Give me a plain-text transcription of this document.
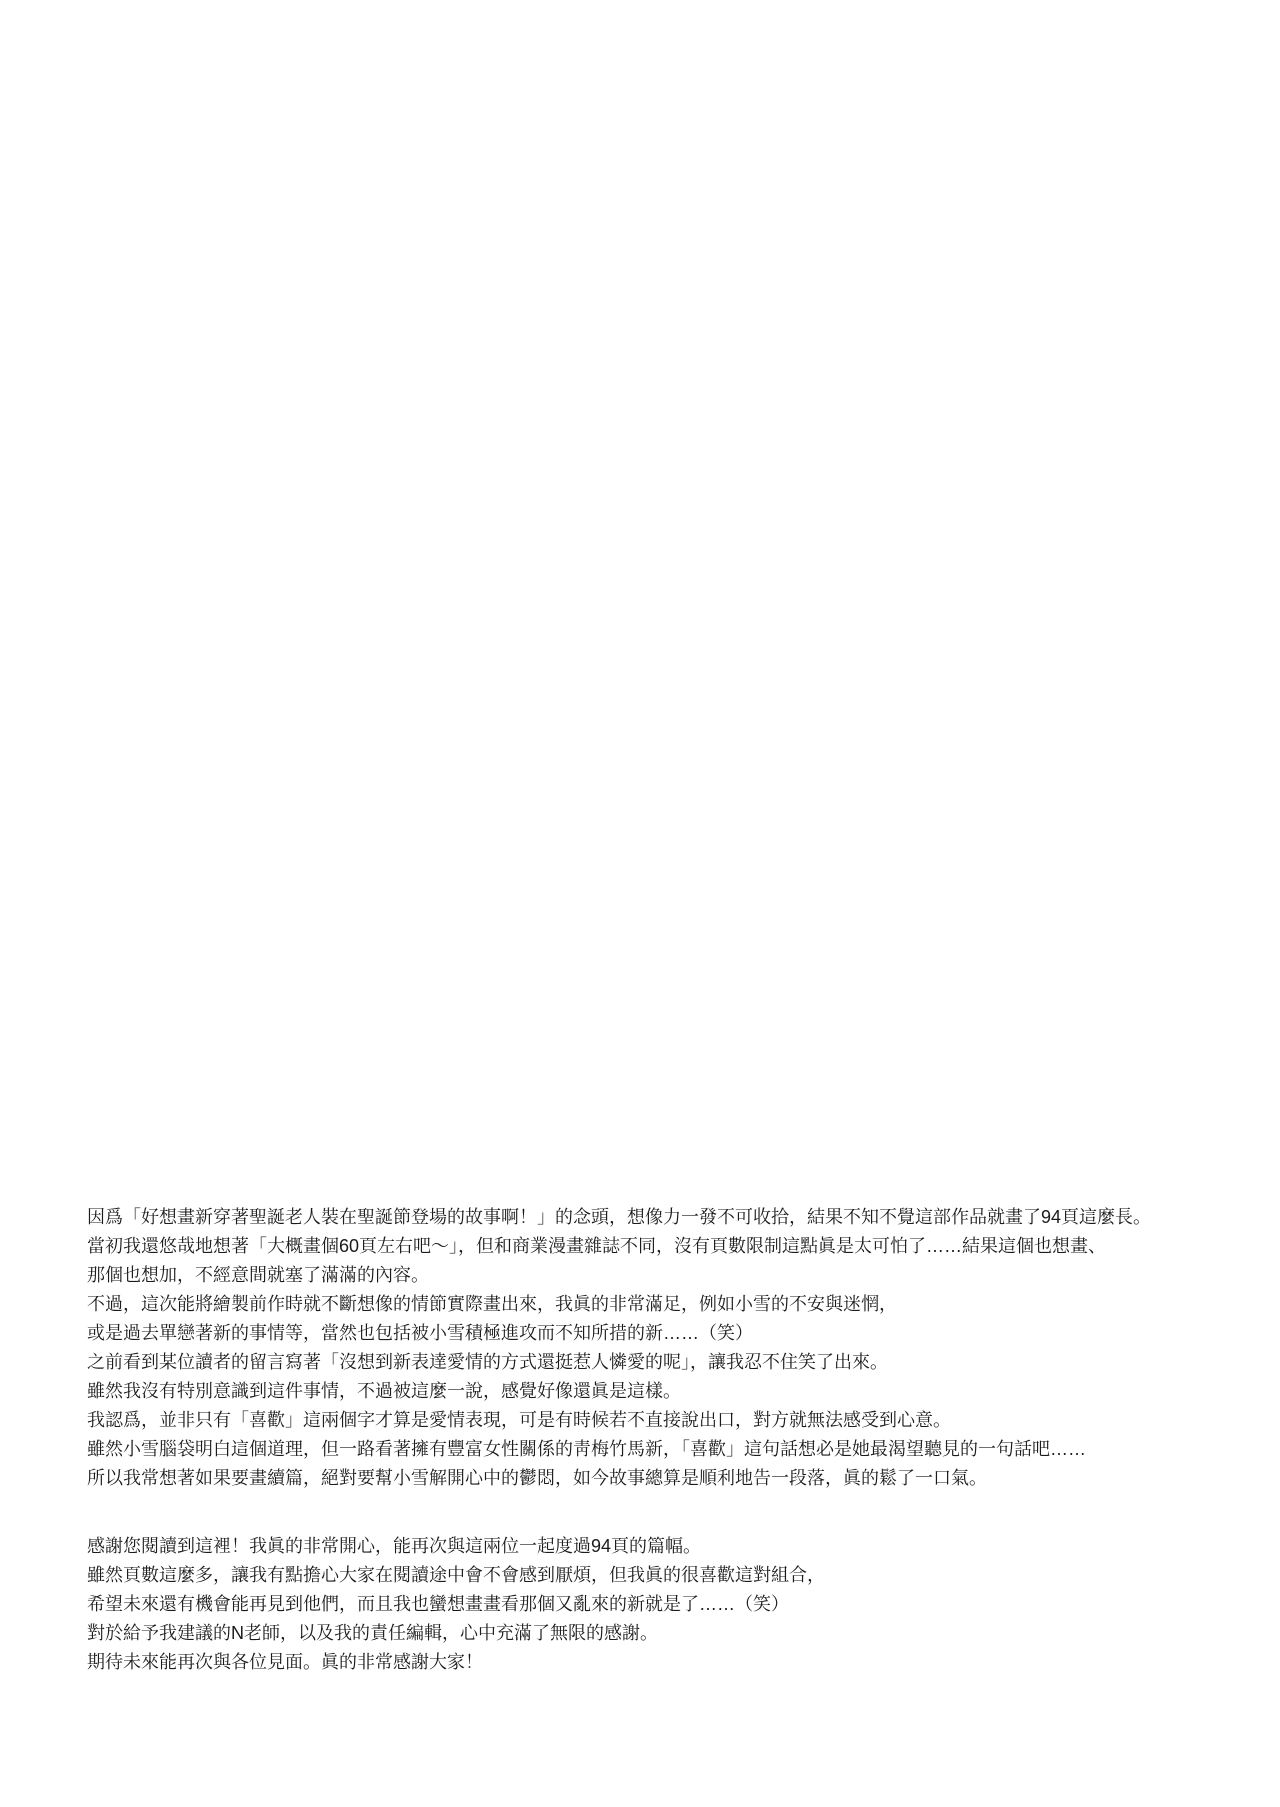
因爲「好想畫新穿著聖誕老人裝在聖誕節登場的故事啊！」的念頭，想像力一發不可收拾，結果不知不覺這部作品就畫了94頁這麼長。
當初我還悠哉地想著「大概畫個60頁左右吧～」，但和商業漫畫雜誌不同，沒有頁數限制這點眞是太可怕了……結果這個也想畫、
那個也想加，不經意間就塞了滿滿的內容。
不過，這次能將繪製前作時就不斷想像的情節實際畫出來，我眞的非常滿足，例如小雪的不安與迷惘，
或是過去單戀著新的事情等，當然也包括被小雪積極進攻而不知所措的新……（笑）
之前看到某位讀者的留言寫著「沒想到新表達愛情的方式還挺惹人憐愛的呢」，讓我忍不住笑了出來。
雖然我沒有特別意識到這件事情，不過被這麼一說，感覺好像還眞是這樣。
我認爲，並非只有「喜歡」這兩個字才算是愛情表現，可是有時候若不直接說出口，對方就無法感受到心意。
雖然小雪腦袋明白這個道理，但一路看著擁有豐富女性關係的靑梅竹馬新，「喜歡」這句話想必是她最渴望聽見的一句話吧……
所以我常想著如果要畫續篇，絕對要幫小雪解開心中的鬱悶，如今故事總算是順利地告一段落，眞的鬆了一口氣。

感謝您閱讀到這裡！我眞的非常開心，能再次與這兩位一起度過94頁的篇幅。
雖然頁數這麼多，讓我有點擔心大家在閱讀途中會不會感到厭煩，但我眞的很喜歡這對組合，
希望未來還有機會能再見到他們，而且我也蠻想畫畫看那個又亂來的新就是了……（笑）
對於給予我建議的N老師，以及我的責任編輯，心中充滿了無限的感謝。
期待未來能再次與各位見面。眞的非常感謝大家！
